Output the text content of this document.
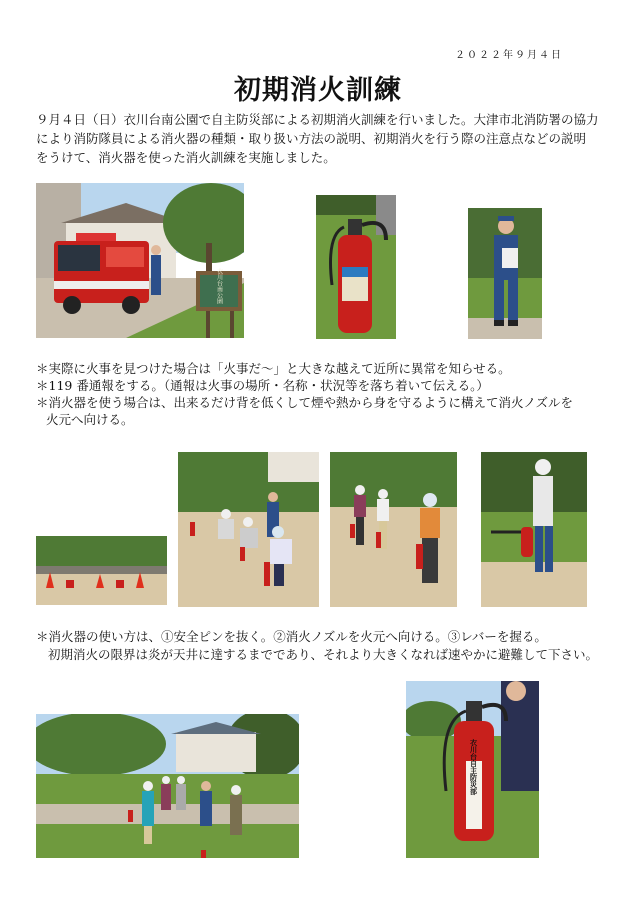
２０２２年９月４日
初期消火訓練

９月４日（日）衣川台南公園で自主防災部による初期消火訓練を行いました。大津市北消防署の協力

により消防隊員による消火器の種類・取り扱い方法の説明、初期消火を行う際の注意点などの説明

をうけて、消火器を使った消火訓練を実施しました。

衣川台南公園
＊実際に火事を見つけた場合は「火事だ～」と大きな越えて近所に異常を知らせる。
＊119 番通報をする。（通報は火事の場所・名称・状況等を落ち着いて伝える。）
＊消火器を使う場合は、出来るだけ背を低くして煙や熱から身を守るように構えて消火ノズルを
火元へ向ける。
＊消火器の使い方は、①安全ピンを抜く。②消火ノズルを火元へ向ける。③レバーを握る。
初期消火の限界は炎が天井に達するまでであり、それより大きくなれば速やかに避難して下さい。
衣川台自主防災部
